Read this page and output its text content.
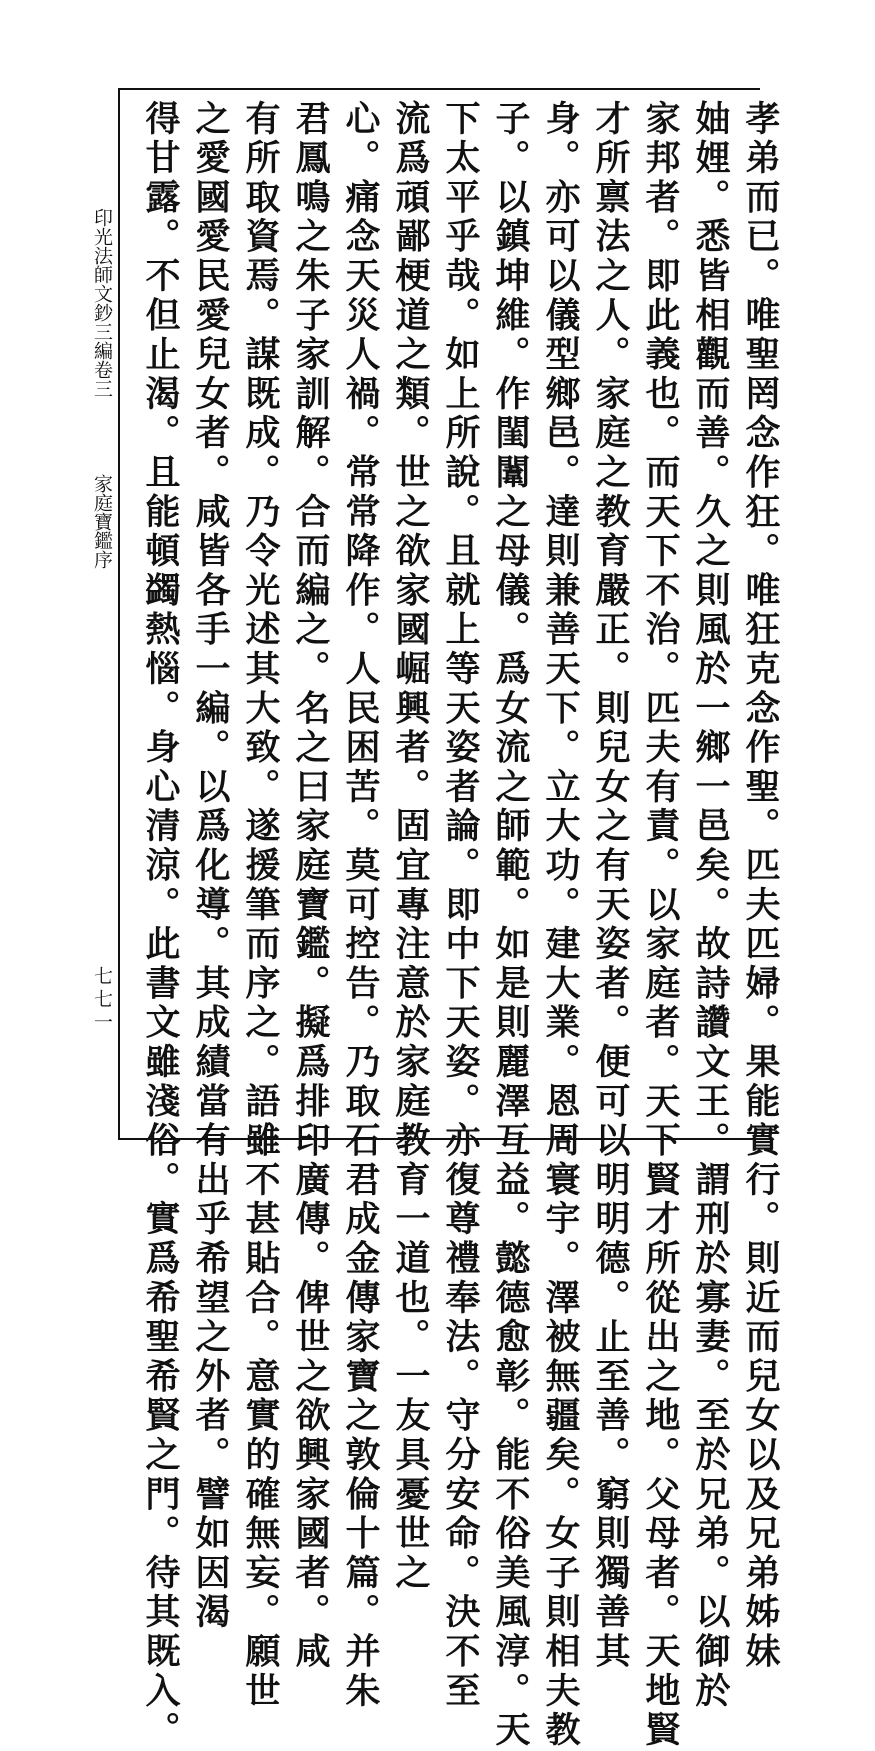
印光法師文鈔三編卷三
家庭寶鑑序
七七一	孝弟而已。唯聖罔念作狂。唯狂克念作聖。匹夫匹婦。果能實行。則近而兒女以及兄弟姊妹
妯娌。悉皆相觀而善。久之則風於一鄉一邑矣。故詩讚文王。謂刑於寡妻。至於兄弟。以御於
家邦者。即此義也。而天下不治。匹夫有責。以家庭者。天下賢才所從出之地。父母者。天地賢
才所禀法之人。家庭之教育嚴正。則兒女之有天姿者。便可以明明德。止至善。窮則獨善其
身。亦可以儀型鄉邑。達則兼善天下。立大功。建大業。恩周寰宇。澤被無疆矣。女子則相夫教
子。以鎮坤維。作閨闈之母儀。爲女流之師範。如是則麗澤互益。懿德愈彰。能不俗美風淳。天
下太平乎哉。如上所說。且就上等天姿者論。即中下天姿。亦復尊禮奉法。守分安命。決不至
流爲頑鄙梗道之類。世之欲家國崛興者。固宜專注意於家庭教育一道也。一友具憂世之
心。痛念天災人禍。常常降作。人民困苦。莫可控告。乃取石君成金傳家寶之敦倫十篇。并朱
君鳳鳴之朱子家訓解。合而編之。名之曰家庭寶鑑。擬爲排印廣傳。俾世之欲興家國者。咸
有所取資焉。謀既成。乃令光述其大致。遂援筆而序之。語雖不甚貼合。意實的確無妄。願世
之愛國愛民愛兒女者。咸皆各手一編。以爲化導。其成績當有出乎希望之外者。譬如因渴
得甘露。不但止渴。且能頓蠲熱惱。身心清涼。此書文雖淺俗。實爲希聖希賢之門。待其既入。
